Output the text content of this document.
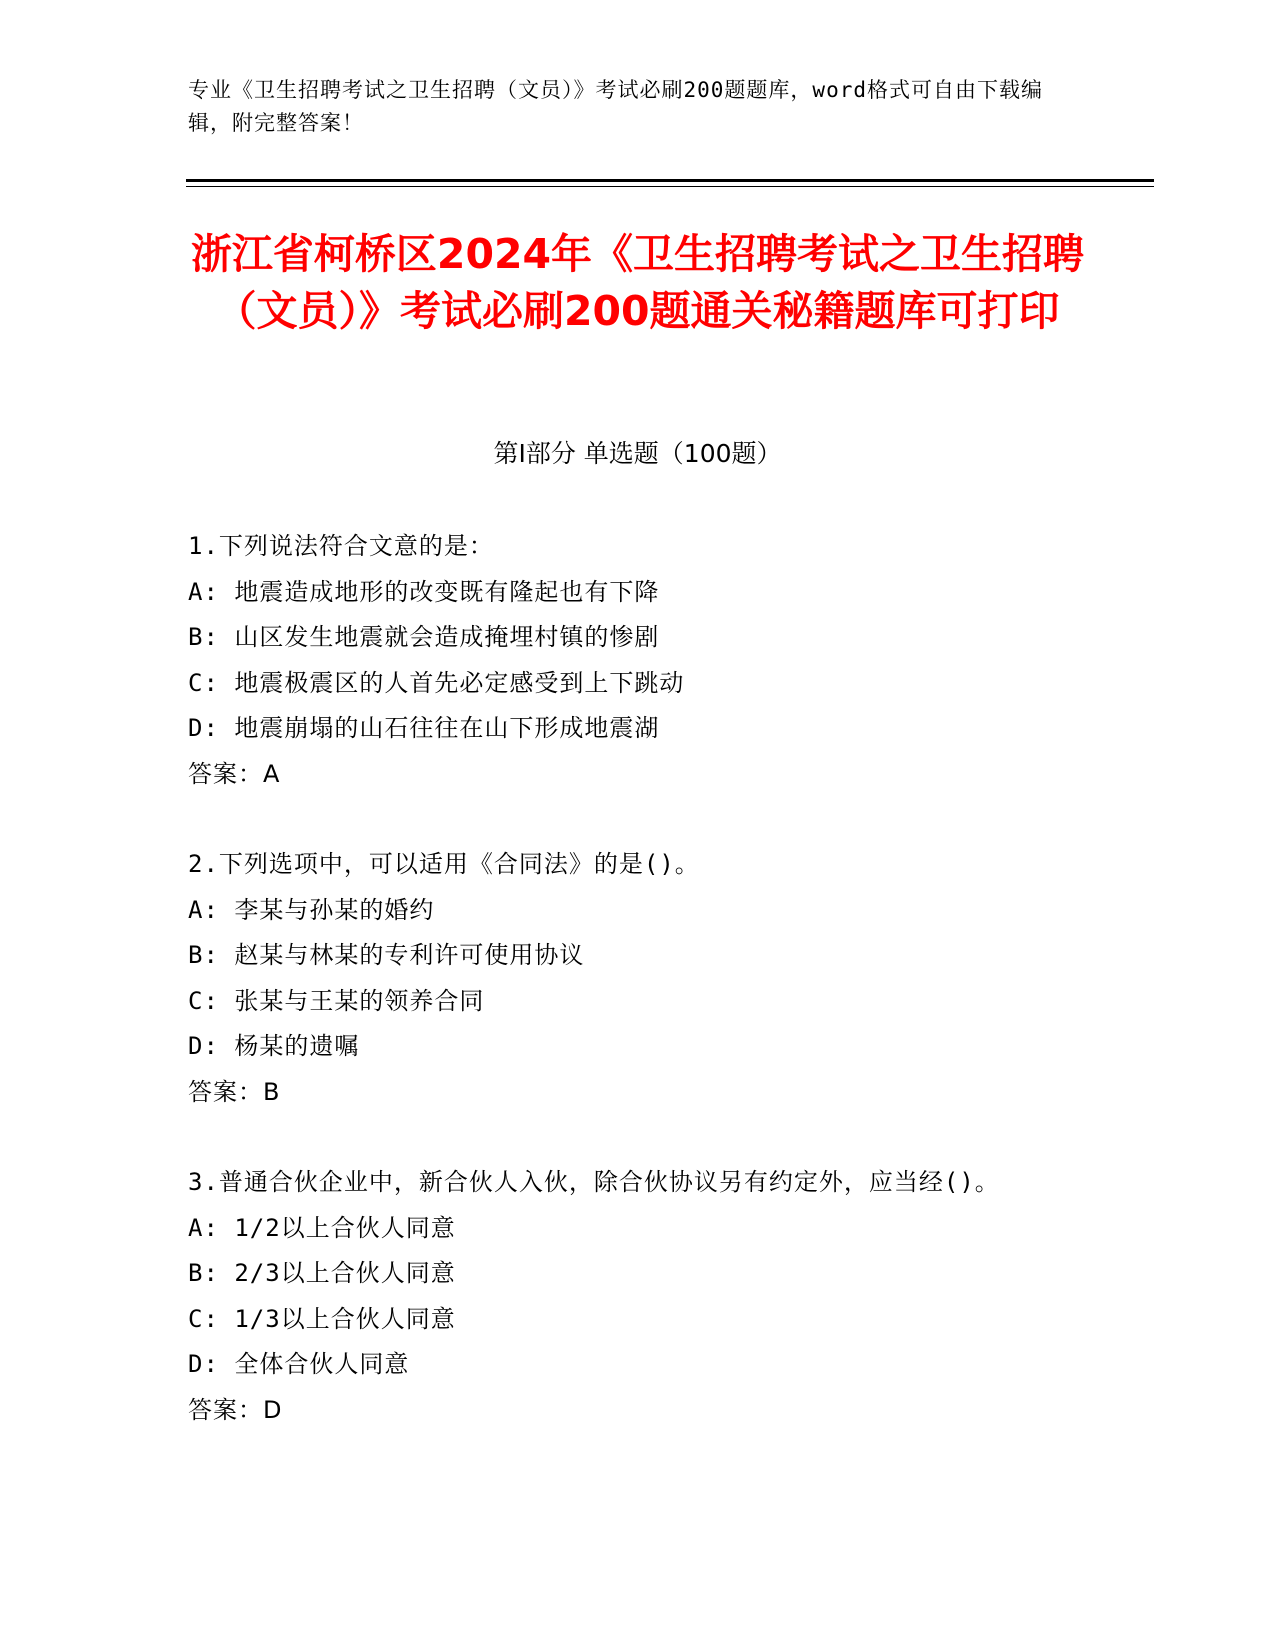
专业《卫生招聘考试之卫生招聘（文员）》考试必刷200题题库，word格式可自由下载编辑，附完整答案！
浙江省柯桥区2024年《卫生招聘考试之卫生招聘（文员）》考试必刷200题通关秘籍题库可打印
第I部分 单选题（100题）
1.下列说法符合文意的是：
A: 地震造成地形的改变既有隆起也有下降
B: 山区发生地震就会造成掩埋村镇的惨剧
C: 地震极震区的人首先必定感受到上下跳动
D: 地震崩塌的山石往往在山下形成地震湖
答案：A
2.下列选项中，可以适用《合同法》的是()。
A: 李某与孙某的婚约
B: 赵某与林某的专利许可使用协议
C: 张某与王某的领养合同
D: 杨某的遗嘱
答案：B
3.普通合伙企业中，新合伙人入伙，除合伙协议另有约定外，应当经()。
A: 1/2以上合伙人同意
B: 2/3以上合伙人同意
C: 1/3以上合伙人同意
D: 全体合伙人同意
答案：D
